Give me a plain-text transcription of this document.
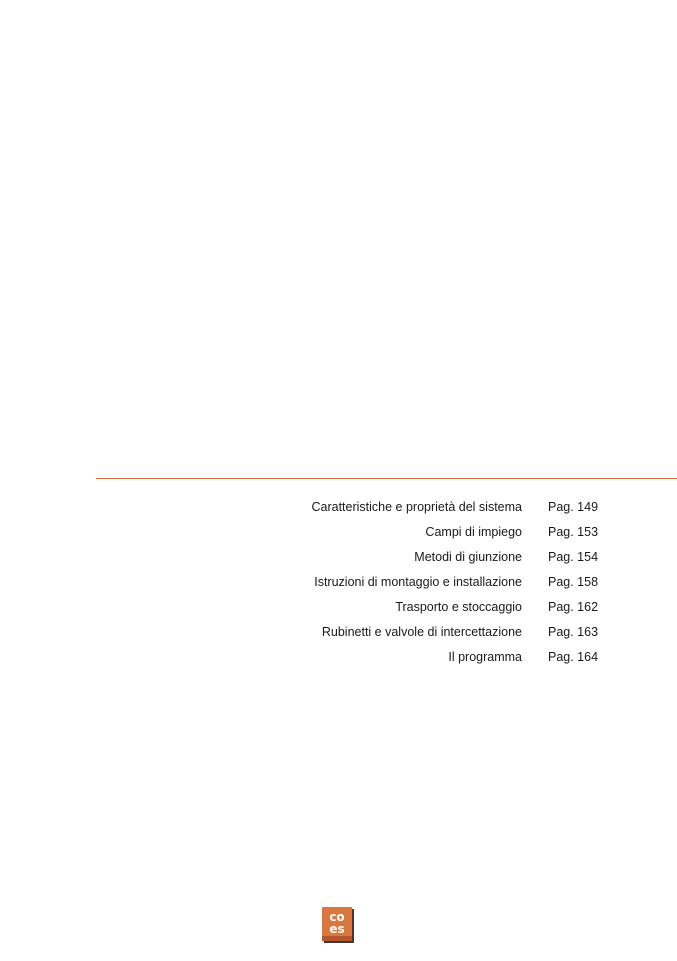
Caratteristiche e proprietà del sistema Pag. 149
Campi di impiego Pag. 153
Metodi di giunzione Pag. 154
Istruzioni di montaggio e installazione Pag. 158
Trasporto e stoccaggio Pag. 162
Rubinetti e valvole di intercettazione Pag. 163
Il programma Pag. 164
co
es
